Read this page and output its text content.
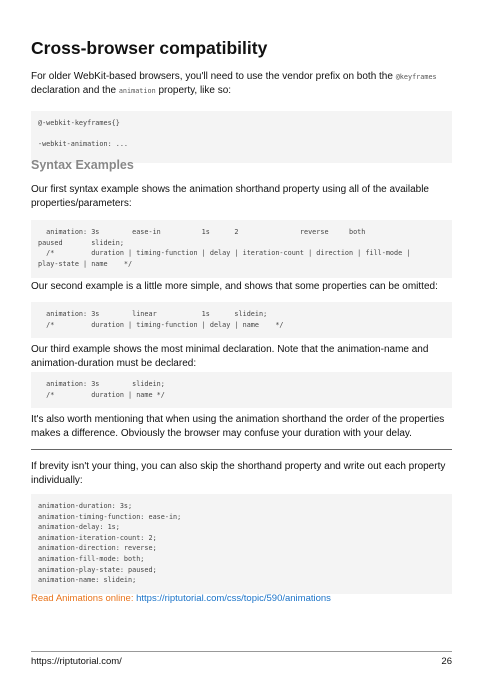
Cross-browser compatibility

For older WebKit-based browsers, you'll need to use the vendor prefix on both the @keyframes
declaration and the animation property, like so:

@-webkit-keyframes{}

-webkit-animation: ...
Syntax Examples

Our first syntax example shows the animation shorthand property using all of the available properties/parameters:

animation: 3s        ease-in          1s      2               reverse     both
paused       slidein;
/*         duration | timing-function | delay | iteration-count | direction | fill-mode |
play-state | name    */

Our second example is a little more simple, and shows that some properties can be omitted:

animation: 3s        linear           1s      slidein;
/*         duration | timing-function | delay | name    */

Our third example shows the most minimal declaration. Note that the animation-name and animation-duration must be declared:

animation: 3s        slidein;
/*         duration | name */

It's also worth mentioning that when using the animation shorthand the order of the properties makes a difference. Obviously the browser may confuse your duration with your delay.

If brevity isn't your thing, you can also skip the shorthand property and write out each property individually:

animation-duration: 3s;
animation-timing-function: ease-in;
animation-delay: 1s;
animation-iteration-count: 2;
animation-direction: reverse;
animation-fill-mode: both;
animation-play-state: paused;
animation-name: slidein;
Read Animations online: https://riptutorial.com/css/topic/590/animations
https://riptutorial.com/	26
